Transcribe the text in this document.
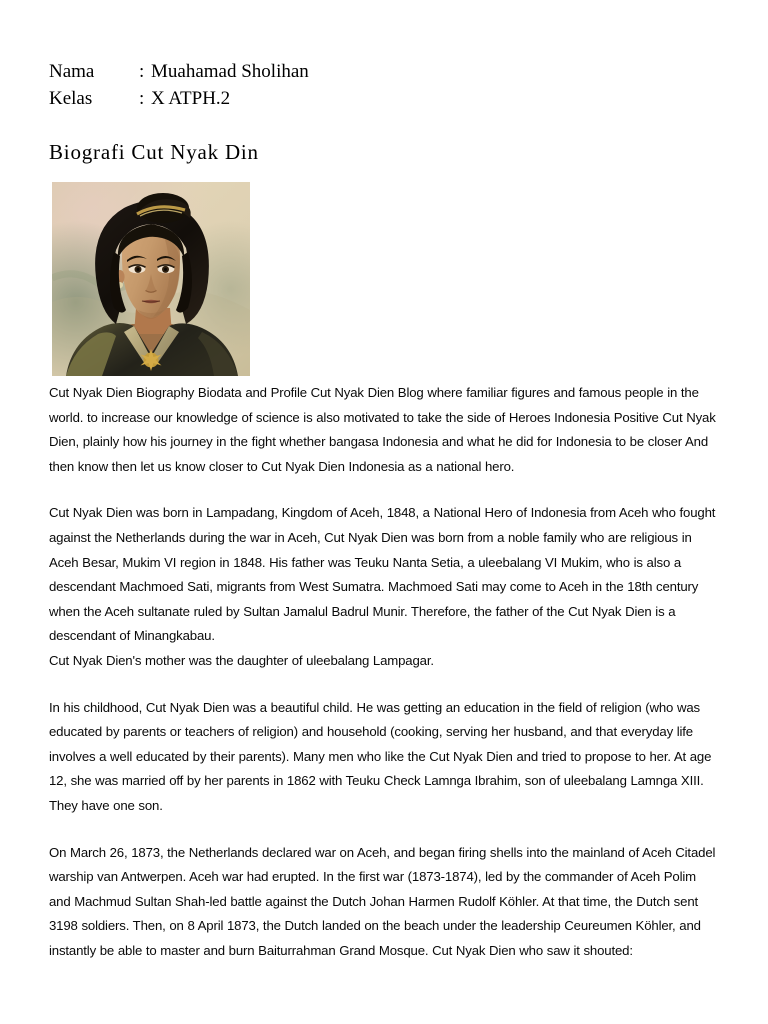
Nama	: Muahamad Sholihan
Kelas	: X ATPH.2
Biografi Cut Nyak Din

Cut Nyak Dien Biography Biodata and Profile Cut Nyak Dien Blog where familiar figures and famous people in the world. to increase our knowledge of science is also motivated to take the side of Heroes Indonesia Positive Cut Nyak Dien, plainly how his journey in the fight whether bangasa Indonesia and what he did for Indonesia to be closer And then know then let us know closer to Cut Nyak Dien Indonesia as a national hero.

Cut Nyak Dien was born in Lampadang, Kingdom of Aceh, 1848, a National Hero of Indonesia from Aceh who fought against the Netherlands during the war in Aceh, Cut Nyak Dien was born from a noble family who are religious in Aceh Besar, Mukim VI region in 1848. His father was Teuku Nanta Setia, a uleebalang VI Mukim, who is also a descendant Machmoed Sati, migrants from West Sumatra. Machmoed Sati may come to Aceh in the 18th century when the Aceh sultanate ruled by Sultan Jamalul Badrul Munir. Therefore, the father of the Cut Nyak Dien is a descendant of Minangkabau.

Cut Nyak Dien's mother was the daughter of uleebalang Lampagar.

In his childhood, Cut Nyak Dien was a beautiful child. He was getting an education in the field of religion (who was educated by parents or teachers of religion) and household (cooking, serving her husband, and that everyday life involves a well educated by their parents). Many men who like the Cut Nyak Dien and tried to propose to her. At age 12, she was married off by her parents in 1862 with Teuku Check Lamnga Ibrahim, son of uleebalang Lamnga XIII. They have one son.

On March 26, 1873, the Netherlands declared war on Aceh, and began firing shells into the mainland of Aceh Citadel warship van Antwerpen. Aceh war had erupted. In the first war (1873-1874), led by the commander of Aceh Polim and Machmud Sultan Shah-led battle against the Dutch Johan Harmen Rudolf Köhler. At that time, the Dutch sent 3198 soldiers. Then, on 8 April 1873, the Dutch landed on the beach under the leadership Ceureumen Köhler, and instantly be able to master and burn Baiturrahman Grand Mosque. Cut Nyak Dien who saw it shouted:
